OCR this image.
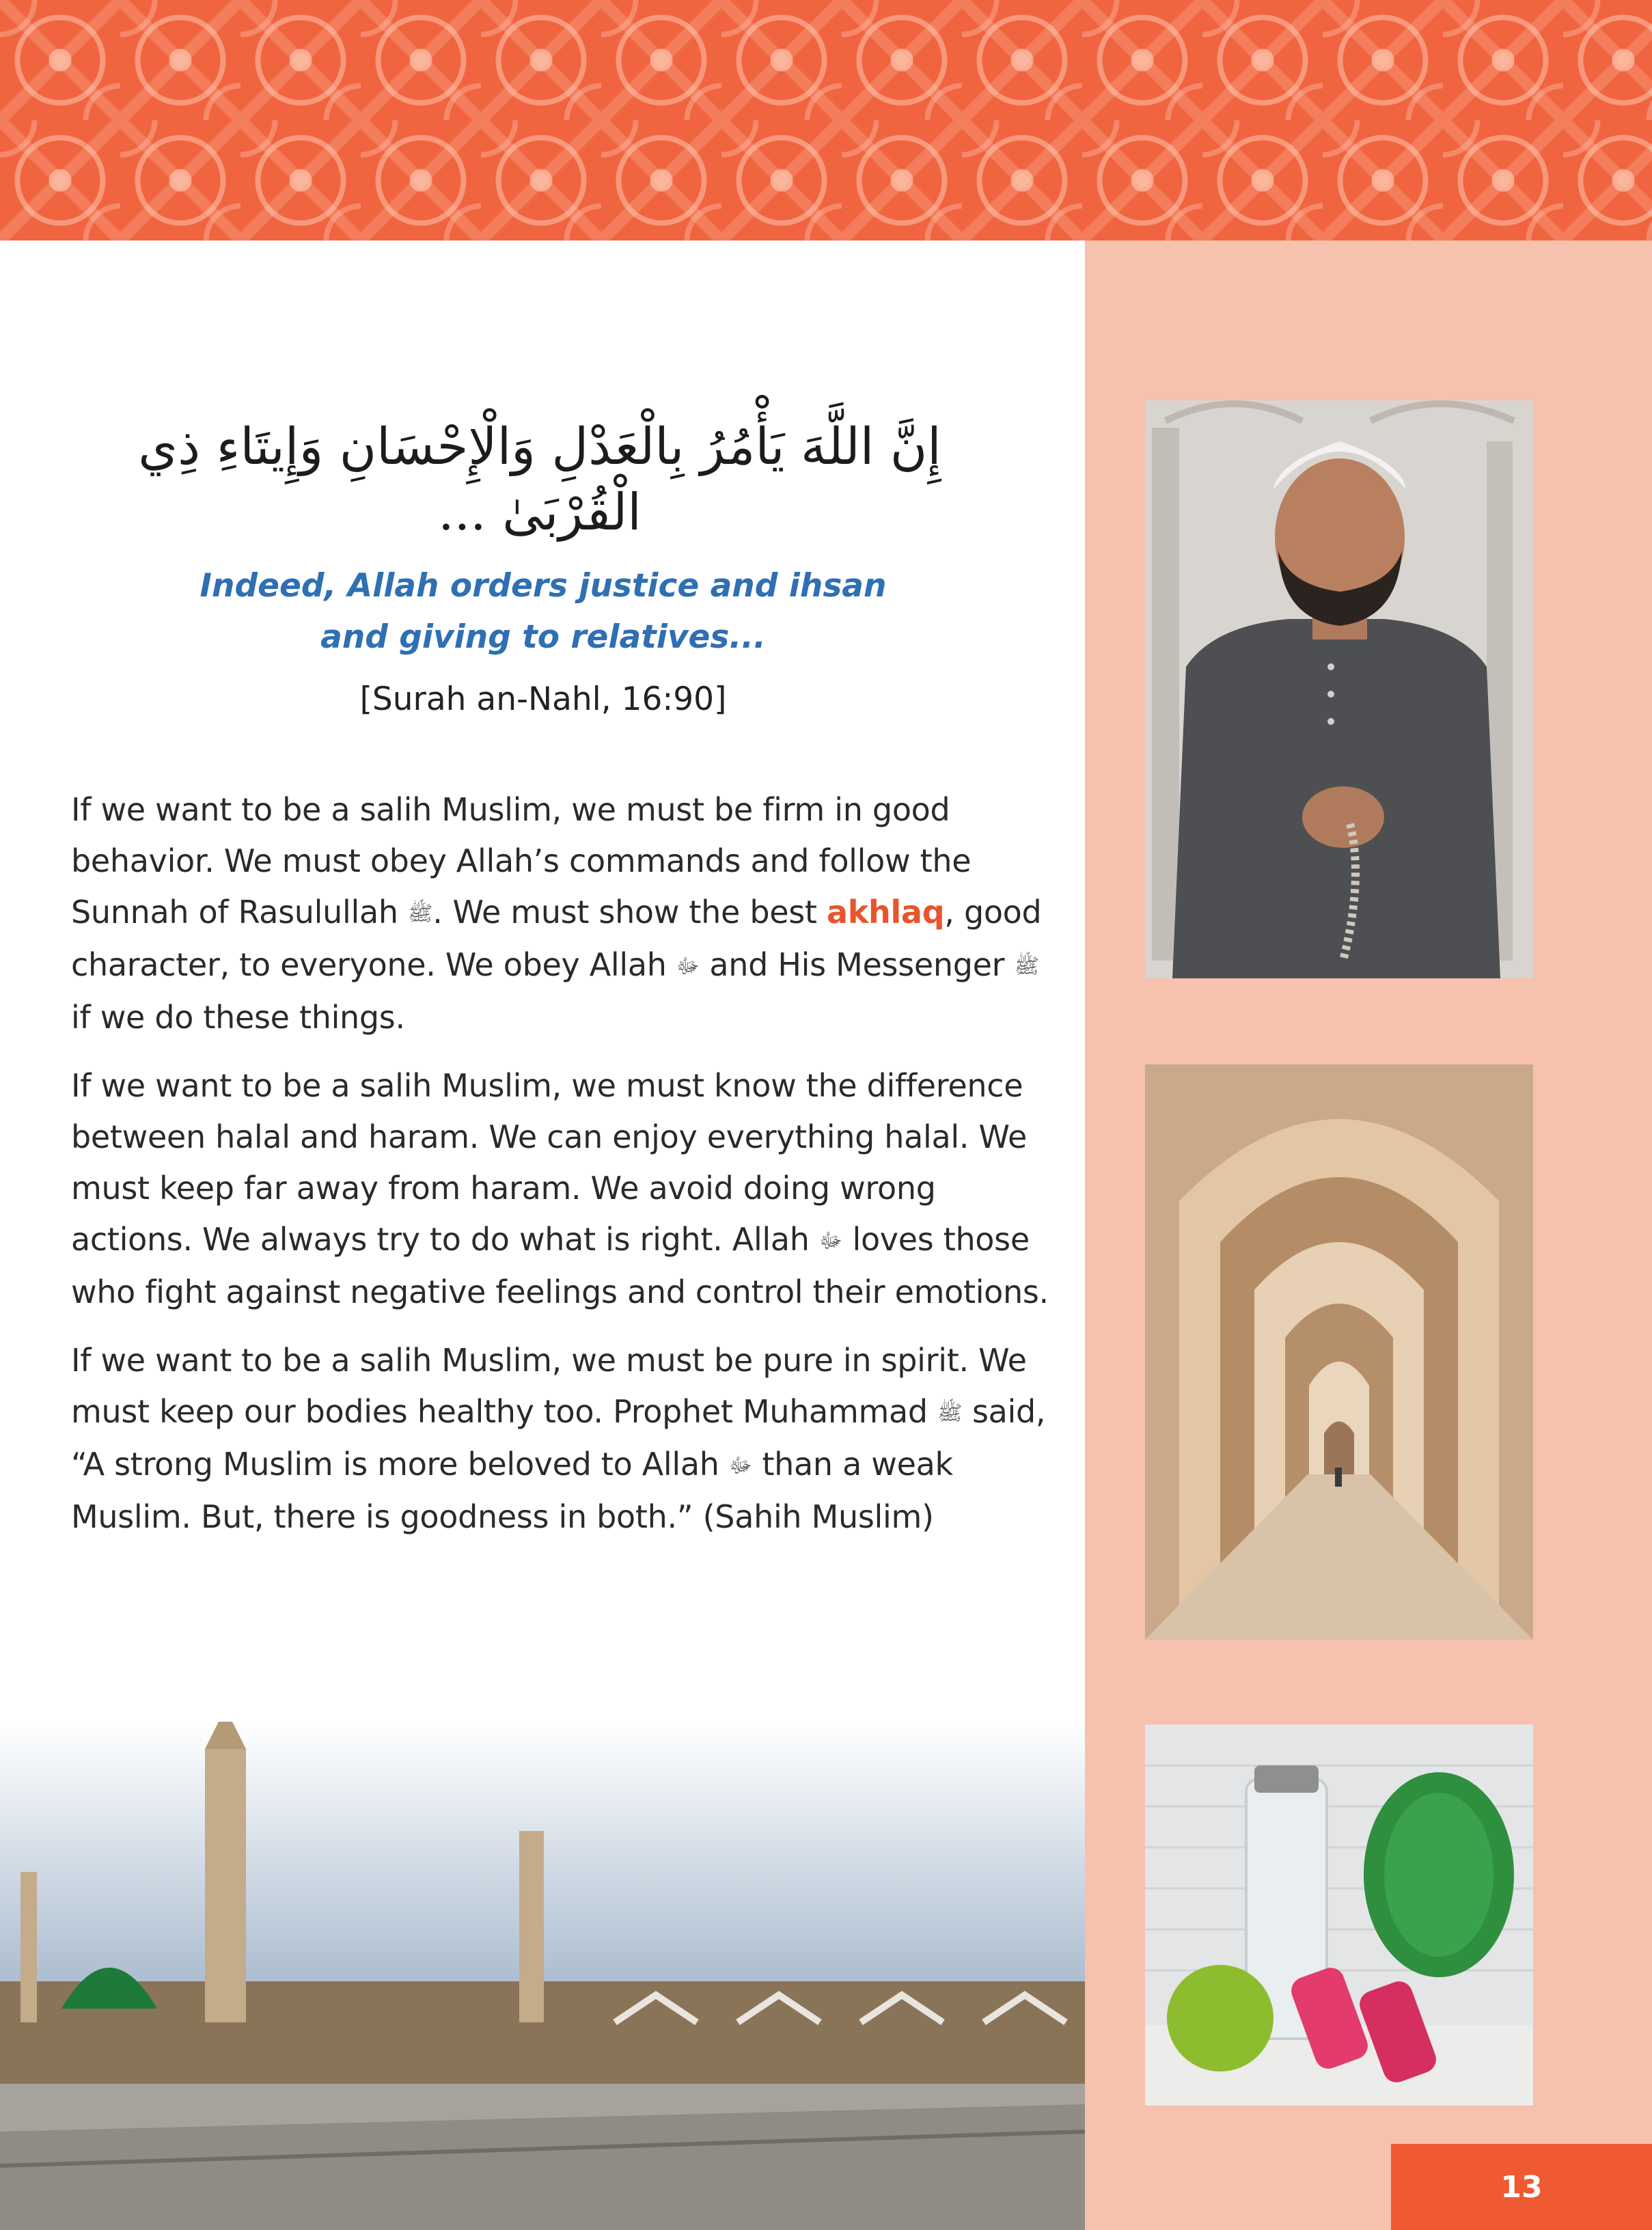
إِنَّ اللَّهَ يَأْمُرُ بِالْعَدْلِ وَالْإِحْسَانِ وَإِيتَاءِ ذِي الْقُرْبَىٰ ...
Indeed, Allah orders justice and ihsan
and giving to relatives...
[Surah an-Nahl, 16:90]

If we want to be a salih Muslim, we must be firm in good behavior. We must obey Allah’s commands and follow the Sunnah of Rasulullah ﷺ. We must show the best akhlaq, good character, to everyone. We obey Allah ﷻ and His Messenger ﷺ if we do these things.

If we want to be a salih Muslim, we must know the difference between halal and haram. We can enjoy everything halal. We must keep far away from haram. We avoid doing wrong actions. We always try to do what is right. Allah ﷻ loves those who fight against negative feelings and control their emotions.

If we want to be a salih Muslim, we must be pure in spirit. We must keep our bodies healthy too. Prophet Muhammad ﷺ said, “A strong Muslim is more beloved to Allah ﷻ than a weak Muslim. But, there is goodness in both.” (Sahih Muslim)

13
